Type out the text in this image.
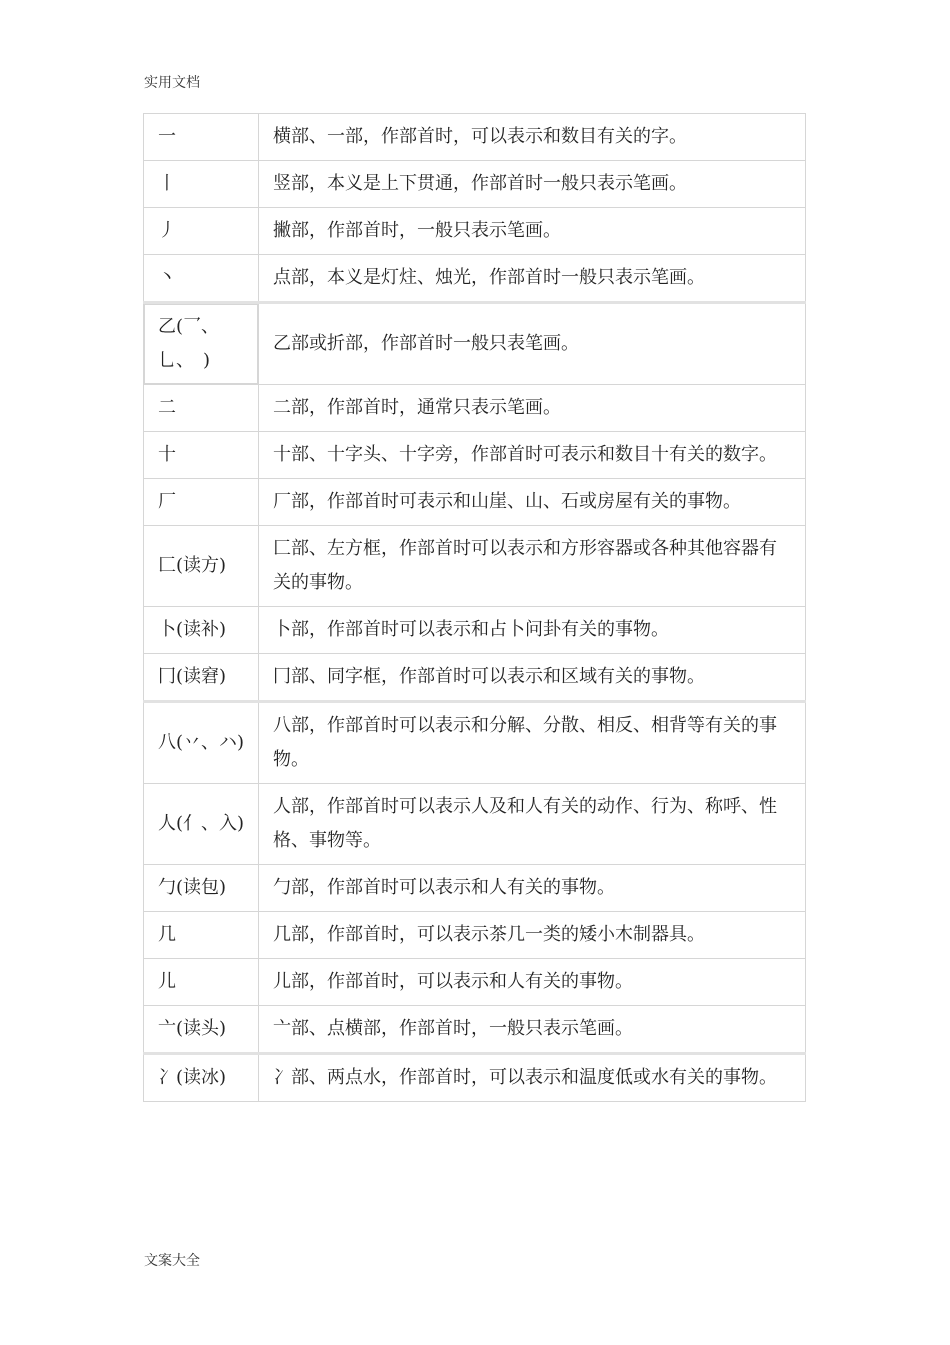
实用文档
一	横部、一部，作部首时，可以表示和数目有关的字。
丨	竖部，本义是上下贯通，作部首时一般只表示笔画。
丿	撇部，作部首时，一般只表示笔画。
丶	点部，本义是灯炷、烛光，作部首时一般只表示笔画。
乙(乛、乚、　)	乙部或折部，作部首时一般只表笔画。
二	二部，作部首时，通常只表示笔画。
十	十部、十字头、十字旁，作部首时可表示和数目十有关的数字。
厂	厂部，作部首时可表示和山崖、山、石或房屋有关的事物。
匚(读方)	匚部、左方框，作部首时可以表示和方形容器或各种其他容器有关的事物。
卜(读补)	卜部，作部首时可以表示和占卜问卦有关的事物。
冂(读窘)	冂部、同字框，作部首时可以表示和区域有关的事物。
八(丷、ハ)	八部，作部首时可以表示和分解、分散、相反、相背等有关的事物。
人(亻、入)	人部，作部首时可以表示人及和人有关的动作、行为、称呼、性格、事物等。
勹(读包)	勹部，作部首时可以表示和人有关的事物。
几	几部，作部首时，可以表示茶几一类的矮小木制器具。
儿	儿部，作部首时，可以表示和人有关的事物。
亠(读头)	亠部、点横部，作部首时，一般只表示笔画。
冫(读冰)	冫部、两点水，作部首时，可以表示和温度低或水有关的事物。
文案大全
